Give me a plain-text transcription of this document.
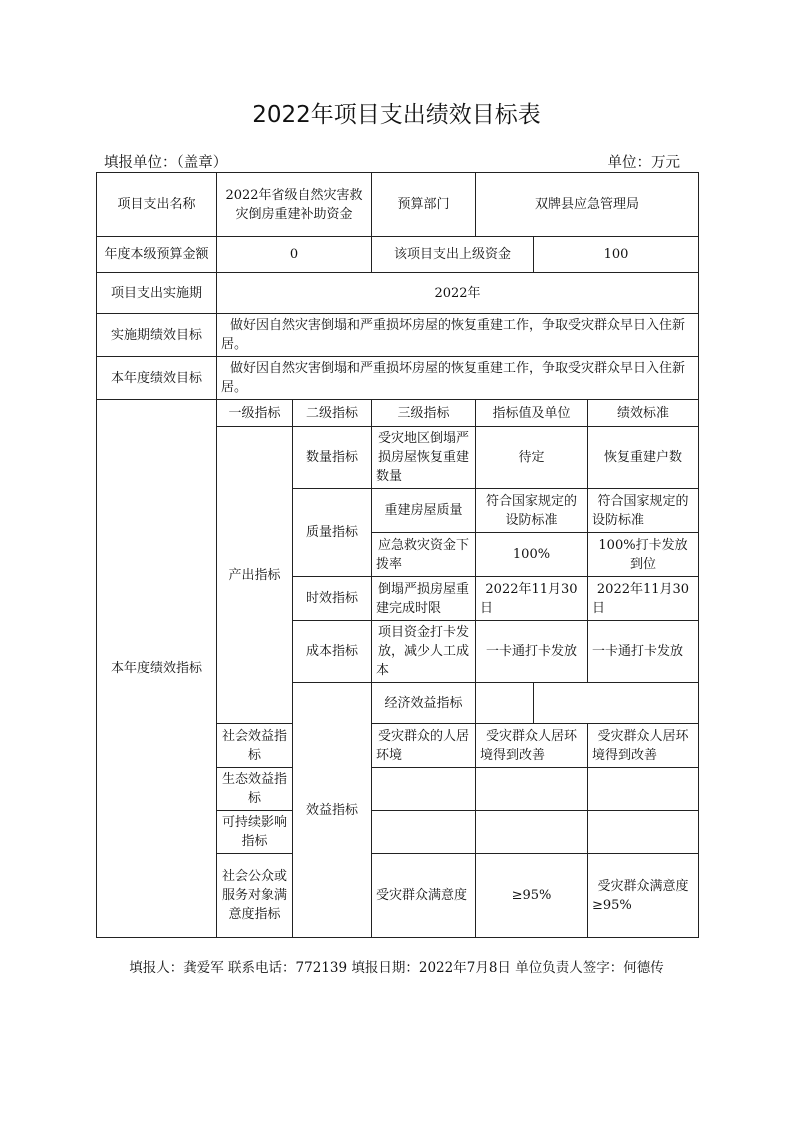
2022年项目支出绩效目标表
填报单位：（盖章）	单位：万元
项目支出名称	2022年省级自然灾害救灾倒房重建补助资金		预算部门	双牌县应急管理局			
年度本级预算金额	0		该项目支出上级资金		100		
项目支出实施期	2022年						
实施期绩效目标	做好因自然灾害倒塌和严重损坏房屋的恢复重建工作，争取受灾群众早日入住新居。						
本年度绩效目标	做好因自然灾害倒塌和严重损坏房屋的恢复重建工作，争取受灾群众早日入住新居。						
本年度绩效指标	一级指标	二级指标	三级指标	指标值及单位		绩效标准	
	产出指标	数量指标	受灾地区倒塌严损房屋恢复重建数量	待定		恢复重建户数	
		质量指标	重建房屋质量	符合国家规定的设防标准		符合国家规定的设防标准	
			应急救灾资金下拨率	100%		100%打卡发放到位	
		时效指标	倒塌严损房屋重建完成时限	2022年11月30日		2022年11月30日	
		成本指标	项目资金打卡发放，减少人工成本	一卡通打卡发放		一卡通打卡发放	
		效益指标	经济效益指标				
	社会效益指标		受灾群众的人居环境	受灾群众人居环境得到改善		受灾群众人居环境得到改善	
	生态效益指标						
	可持续影响指标						
	社会公众或服务对象满意度指标		受灾群众满意度	≥95%		受灾群众满意度≥95%	
填报人：龚爱军 联系电话：772139 填报日期：2022年7月8日 单位负责人签字：何德传
